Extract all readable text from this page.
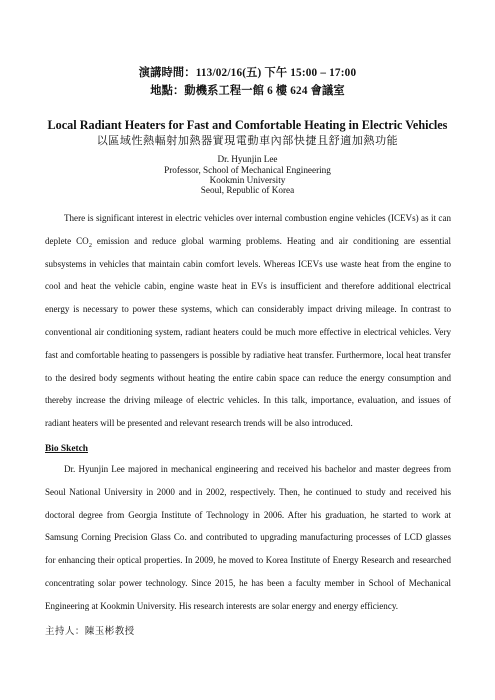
演講時間：113/02/16(五) 下午 15:00 – 17:00
地點：動機系工程一館 6 樓 624 會議室
Local Radiant Heaters for Fast and Comfortable Heating in Electric Vehicles
以區域性熱輻射加熱器實現電動車內部快捷且舒適加熱功能
Dr. Hyunjin Lee
Professor, School of Mechanical Engineering
Kookmin University
Seoul, Republic of Korea

There is significant interest in electric vehicles over internal combustion engine vehicles (ICEVs) as it can deplete $CO_2$ emission and reduce global warming problems. Heating and air conditioning are essential subsystems in vehicles that maintain cabin comfort levels. Whereas ICEVs use waste heat from the engine to cool and heat the vehicle cabin, engine waste heat in EVs is insufficient and therefore additional electrical energy is necessary to power these systems, which can considerably impact driving mileage. In contrast to conventional air conditioning system, radiant heaters could be much more effective in electrical vehicles. Very fast and comfortable heating to passengers is possible by radiative heat transfer. Furthermore, local heat transfer to the desired body segments without heating the entire cabin space can reduce the energy consumption and thereby increase the driving mileage of electric vehicles. In this talk, importance, evaluation, and issues of radiant heaters will be presented and relevant research trends will be also introduced.

Bio Sketch

Dr. Hyunjin Lee majored in mechanical engineering and received his bachelor and master degrees from Seoul National University in 2000 and in 2002, respectively. Then, he continued to study and received his doctoral degree from Georgia Institute of Technology in 2006. After his graduation, he started to work at Samsung Corning Precision Glass Co. and contributed to upgrading manufacturing processes of LCD glasses for enhancing their optical properties. In 2009, he moved to Korea Institute of Energy Research and researched concentrating solar power technology. Since 2015, he has been a faculty member in School of Mechanical Engineering at Kookmin University. His research interests are solar energy and energy efficiency.

主持人：陳玉彬教授
